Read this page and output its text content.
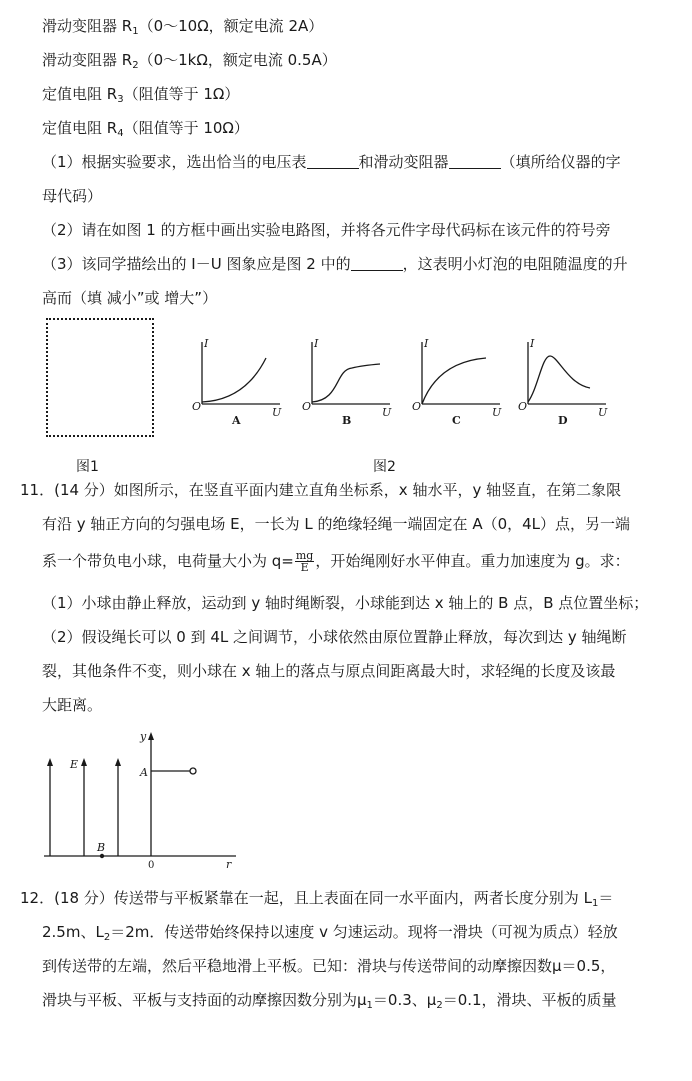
滑动变阻器 $R_1(0\sim 10\Omega$，额定电流 2A）
滑动变阻器 $R_2(0\sim 1k\Omega$，额定电流 0.5A）
定值电阻 $R_3$（阻值等于 1Ω）
定值电阻 $R_4$（阻值等于 10Ω）
（1）根据实验要求，选出恰当的电压表	和滑动变阻器	（填所给仪器的字
母代码）
（2）请在如图 1 的方框中画出实验电路图，并将各元件字母代码标在该元件的符号旁
（3）该同学描绘出的 I－U 图象应是图 2 中的	，这表明小灯泡的电阻随温度的升
高而（填 减小”或 增大”）
图1
I
U
O
I
U
O
I
U
O
I
U
O
A	B	C	D
图2
11．(14 分）如图所示，在竖直平面内建立直角坐标系，x 轴水平，y 轴竖直，在第二象限
有沿 y 轴正方向的匀强电场 E，一长为 L 的绝缘轻绳一端固定在 A（0，4L）点，另一端
系一个带负电小球，电荷量大小为 $q= \frac{mg}{E}$ ，开始绳刚好水平伸直。重力加速度为 g。求：
（1）小球由静止释放，运动到 y 轴时绳断裂，小球能到达 x 轴上的 B 点，B 点位置坐标；
（2）假设绳长可以 0 到 4L 之间调节，小球依然由原位置静止释放，每次到达 y 轴绳断
裂，其他条件不变，则小球在 x 轴上的落点与原点间距离最大时，求轻绳的长度及该最
大距离。
y
r
E
A
B
0
12．(18 分）传送带与平板紧靠在一起，且上表面在同一水平面内，两者长度分别为 $L_1=$
2.5m、$L_2=2m$．传送带始终保持以速度 v 匀速运动。现将一滑块（可视为质点）轻放
到传送带的左端，然后平稳地滑上平板。已知：滑块与传送带间的动摩擦因数μ＝0.5，
滑块与平板、平板与支持面的动摩擦因数分别为$\mu_1=0.3$、$\mu_2=0.1$，滑块、平板的质量
